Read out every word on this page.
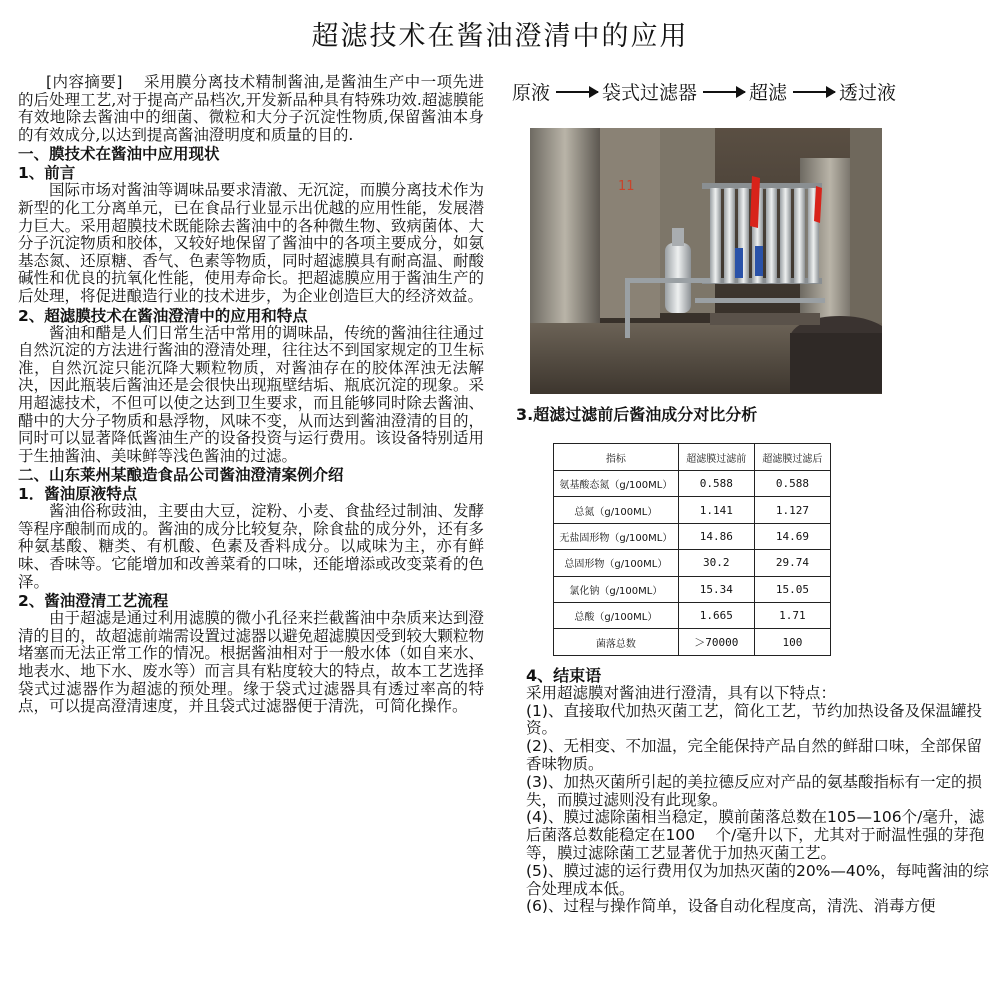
超滤技术在酱油澄清中的应用

[内容摘要] 采用膜分离技术精制酱油,是酱油生产中一项先进的后处理工艺,对于提高产品档次,开发新品种具有特殊功效.超滤膜能有效地除去酱油中的细菌、微粒和大分子沉淀性物质,保留酱油本身的有效成分,以达到提高酱油澄明度和质量的目的.

一、膜技术在酱油中应用现状
1、前言

国际市场对酱油等调味品要求清澈、无沉淀，而膜分离技术作为新型的化工分离单元，已在食品行业显示出优越的应用性能，发展潜力巨大。采用超膜技术既能除去酱油中的各种微生物、致病菌体、大分子沉淀物质和胶体，又较好地保留了酱油中的各项主要成分，如氨基态氮、还原糖、香气、色素等物质，同时超滤膜具有耐高温、耐酸碱性和优良的抗氧化性能，使用寿命长。把超滤膜应用于酱油生产的后处理，将促进酿造行业的技术进步，为企业创造巨大的经济效益。

2、超滤膜技术在酱油澄清中的应用和特点

酱油和醋是人们日常生活中常用的调味品，传统的酱油往往通过自然沉淀的方法进行酱油的澄清处理，往往达不到国家规定的卫生标准，自然沉淀只能沉降大颗粒物质，对酱油存在的胶体浑浊无法解决，因此瓶装后酱油还是会很快出现瓶壁结垢、瓶底沉淀的现象。采用超滤技术，不但可以使之达到卫生要求，而且能够同时除去酱油、醋中的大分子物质和悬浮物，风味不变，从而达到酱油澄清的目的，同时可以显著降低酱油生产的设备投资与运行费用。该设备特别适用于生抽酱油、美味鲜等浅色酱油的过滤。

二、山东莱州某酿造食品公司酱油澄清案例介绍
1．酱油原液特点

酱油俗称豉油，主要由大豆，淀粉、小麦、食盐经过制油、发酵等程序酿制而成的。酱油的成分比较复杂，除食盐的成分外，还有多种氨基酸、糖类、有机酸、色素及香料成分。以咸味为主，亦有鲜味、香味等。它能增加和改善菜肴的口味，还能增添或改变菜肴的色泽。

2、酱油澄清工艺流程

由于超滤是通过利用滤膜的微小孔径来拦截酱油中杂质来达到澄清的目的，故超滤前端需设置过滤器以避免超滤膜因受到较大颗粒物堵塞而无法正常工作的情况。根据酱油相对于一般水体（如自来水、地表水、地下水、废水等）而言具有粘度较大的特点，故本工艺选择袋式过滤器作为超滤的预处理。缘于袋式过滤器具有透过率高的特点，可以提高澄清速度，并且袋式过滤器便于清洗，可简化操作。

原液	袋式过滤器	超滤	透过液
11
3.超滤过滤前后酱油成分对比分析
指标	超滤膜过滤前	超滤膜过滤后
氨基酸态氮（g/100ML）	0.588	0.588
总氮（g/100ML）	1.141	1.127
无盐固形物（g/100ML）	14.86	14.69
总固形物（g/100ML）	30.2	29.74
氯化钠（g/100ML）	15.34	15.05
总酸（g/100ML）	1.665	1.71
菌落总数	＞70000	100
4、结束语

采用超滤膜对酱油进行澄清，具有以下特点：

(1)、直接取代加热灭菌工艺，简化工艺，节约加热设备及保温罐投资。

(2)、无相变、不加温，完全能保持产品自然的鲜甜口味，全部保留香味物质。

(3)、加热灭菌所引起的美拉德反应对产品的氨基酸指标有一定的损失，而膜过滤则没有此现象。

(4)、膜过滤除菌相当稳定，膜前菌落总数在105—106个/毫升，滤后菌落总数能稳定在100　 个/毫升以下，尤其对于耐温性强的芽孢等，膜过滤除菌工艺显著优于加热灭菌工艺。

(5)、膜过滤的运行费用仅为加热灭菌的20%—40%，每吨酱油的综合处理成本低。

(6)、过程与操作简单，设备自动化程度高，清洗、消毒方便
